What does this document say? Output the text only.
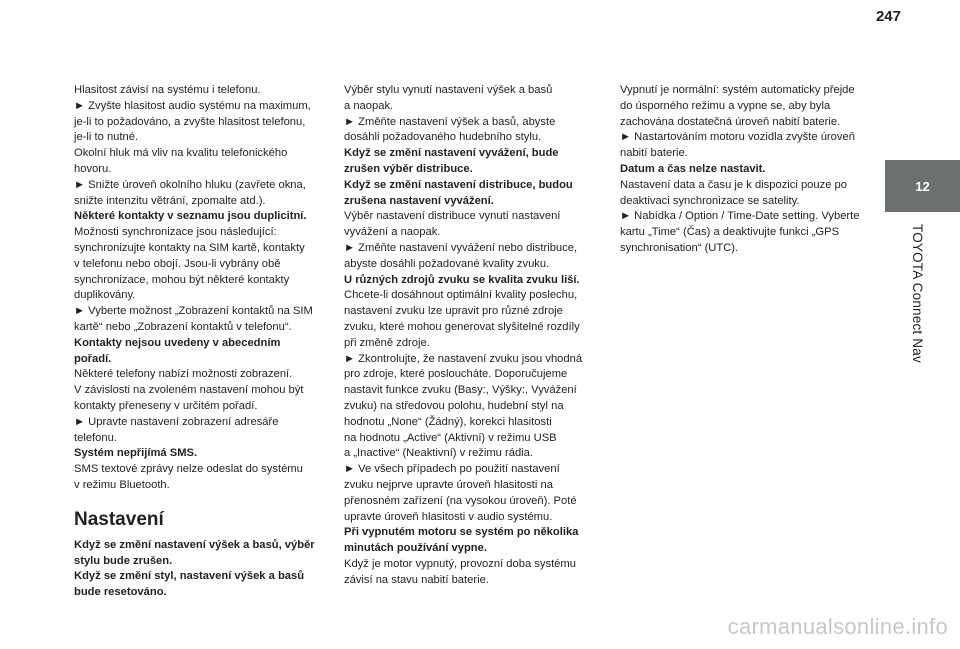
247
12
TOYOTA Connect Nav

Hlasitost závisí na systému i telefonu.

► Zvyšte hlasitost audio systému na maximum,
je-li to požadováno, a zvyšte hlasitost telefonu,
je-li to nutné.

Okolní hluk má vliv na kvalitu telefonického
hovoru.

► Snižte úroveň okolního hluku (zavřete okna,
snižte intenzitu větrání, zpomalte atd.).

Některé kontakty v seznamu jsou duplicitní.

Možnosti synchronizace jsou následující:
synchronizujte kontakty na SIM kartě, kontakty
v telefonu nebo obojí. Jsou-li vybrány obě
synchronizace, mohou být některé kontakty
duplikovány.

► Vyberte možnost „Zobrazení kontaktů na SIM
kartě“ nebo „Zobrazení kontaktů v telefonu“.

Kontakty nejsou uvedeny v abecedním
pořadí.

Některé telefony nabízí možnosti zobrazení.
V závislosti na zvoleném nastavení mohou být
kontakty přeneseny v určitém pořadí.

► Upravte nastavení zobrazení adresáře
telefonu.

Systém nepřijímá SMS.

SMS textové zprávy nelze odeslat do systému
v režimu Bluetooth.

Nastavení

Když se změní nastavení výšek a basů, výběr
stylu bude zrušen.

Když se změní styl, nastavení výšek a basů
bude resetováno.

Výběr stylu vynutí nastavení výšek a basů
a naopak.

► Změňte nastavení výšek a basů, abyste
dosáhli požadovaného hudebního stylu.

Když se změní nastavení vyvážení, bude
zrušen výběr distribuce.

Když se změní nastavení distribuce, budou
zrušena nastavení vyvážení.

Výběr nastavení distribuce vynutí nastavení
vyvážení a naopak.

► Změňte nastavení vyvážení nebo distribuce,
abyste dosáhli požadované kvality zvuku.

U různých zdrojů zvuku se kvalita zvuku liší.

Chcete-li dosáhnout optimální kvality poslechu,
nastavení zvuku lze upravit pro různé zdroje
zvuku, které mohou generovat slyšitelné rozdíly
při změně zdroje.

► Zkontrolujte, že nastavení zvuku jsou vhodná
pro zdroje, které posloucháte. Doporučujeme
nastavit funkce zvuku (Basy:, Výšky:, Vyvážení
zvuku) na středovou polohu, hudební styl na
hodnotu „None“ (Žádný), korekci hlasitosti
na hodnotu „Active“ (Aktivní) v režimu USB
a „Inactive“ (Neaktivní) v režimu rádia.

► Ve všech případech po použití nastavení
zvuku nejprve upravte úroveň hlasitosti na
přenosném zařízení (na vysokou úroveň). Poté
upravte úroveň hlasitosti v audio systému.

Při vypnutém motoru se systém po několika
minutách používání vypne.

Když je motor vypnutý, provozní doba systému
závisí na stavu nabití baterie.

Vypnutí je normální: systém automaticky přejde
do úsporného režimu a vypne se, aby byla
zachována dostatečná úroveň nabití baterie.

► Nastartováním motoru vozidla zvyšte úroveň
nabití baterie.

Datum a čas nelze nastavit.

Nastavení data a času je k dispozici pouze po
deaktivaci synchronizace se satelity.

► Nabídka / Option / Time-Date setting. Vyberte
kartu „Time“ (Čas) a deaktivujte funkci „GPS
synchronisation“ (UTC).

carmanualsonline.info
